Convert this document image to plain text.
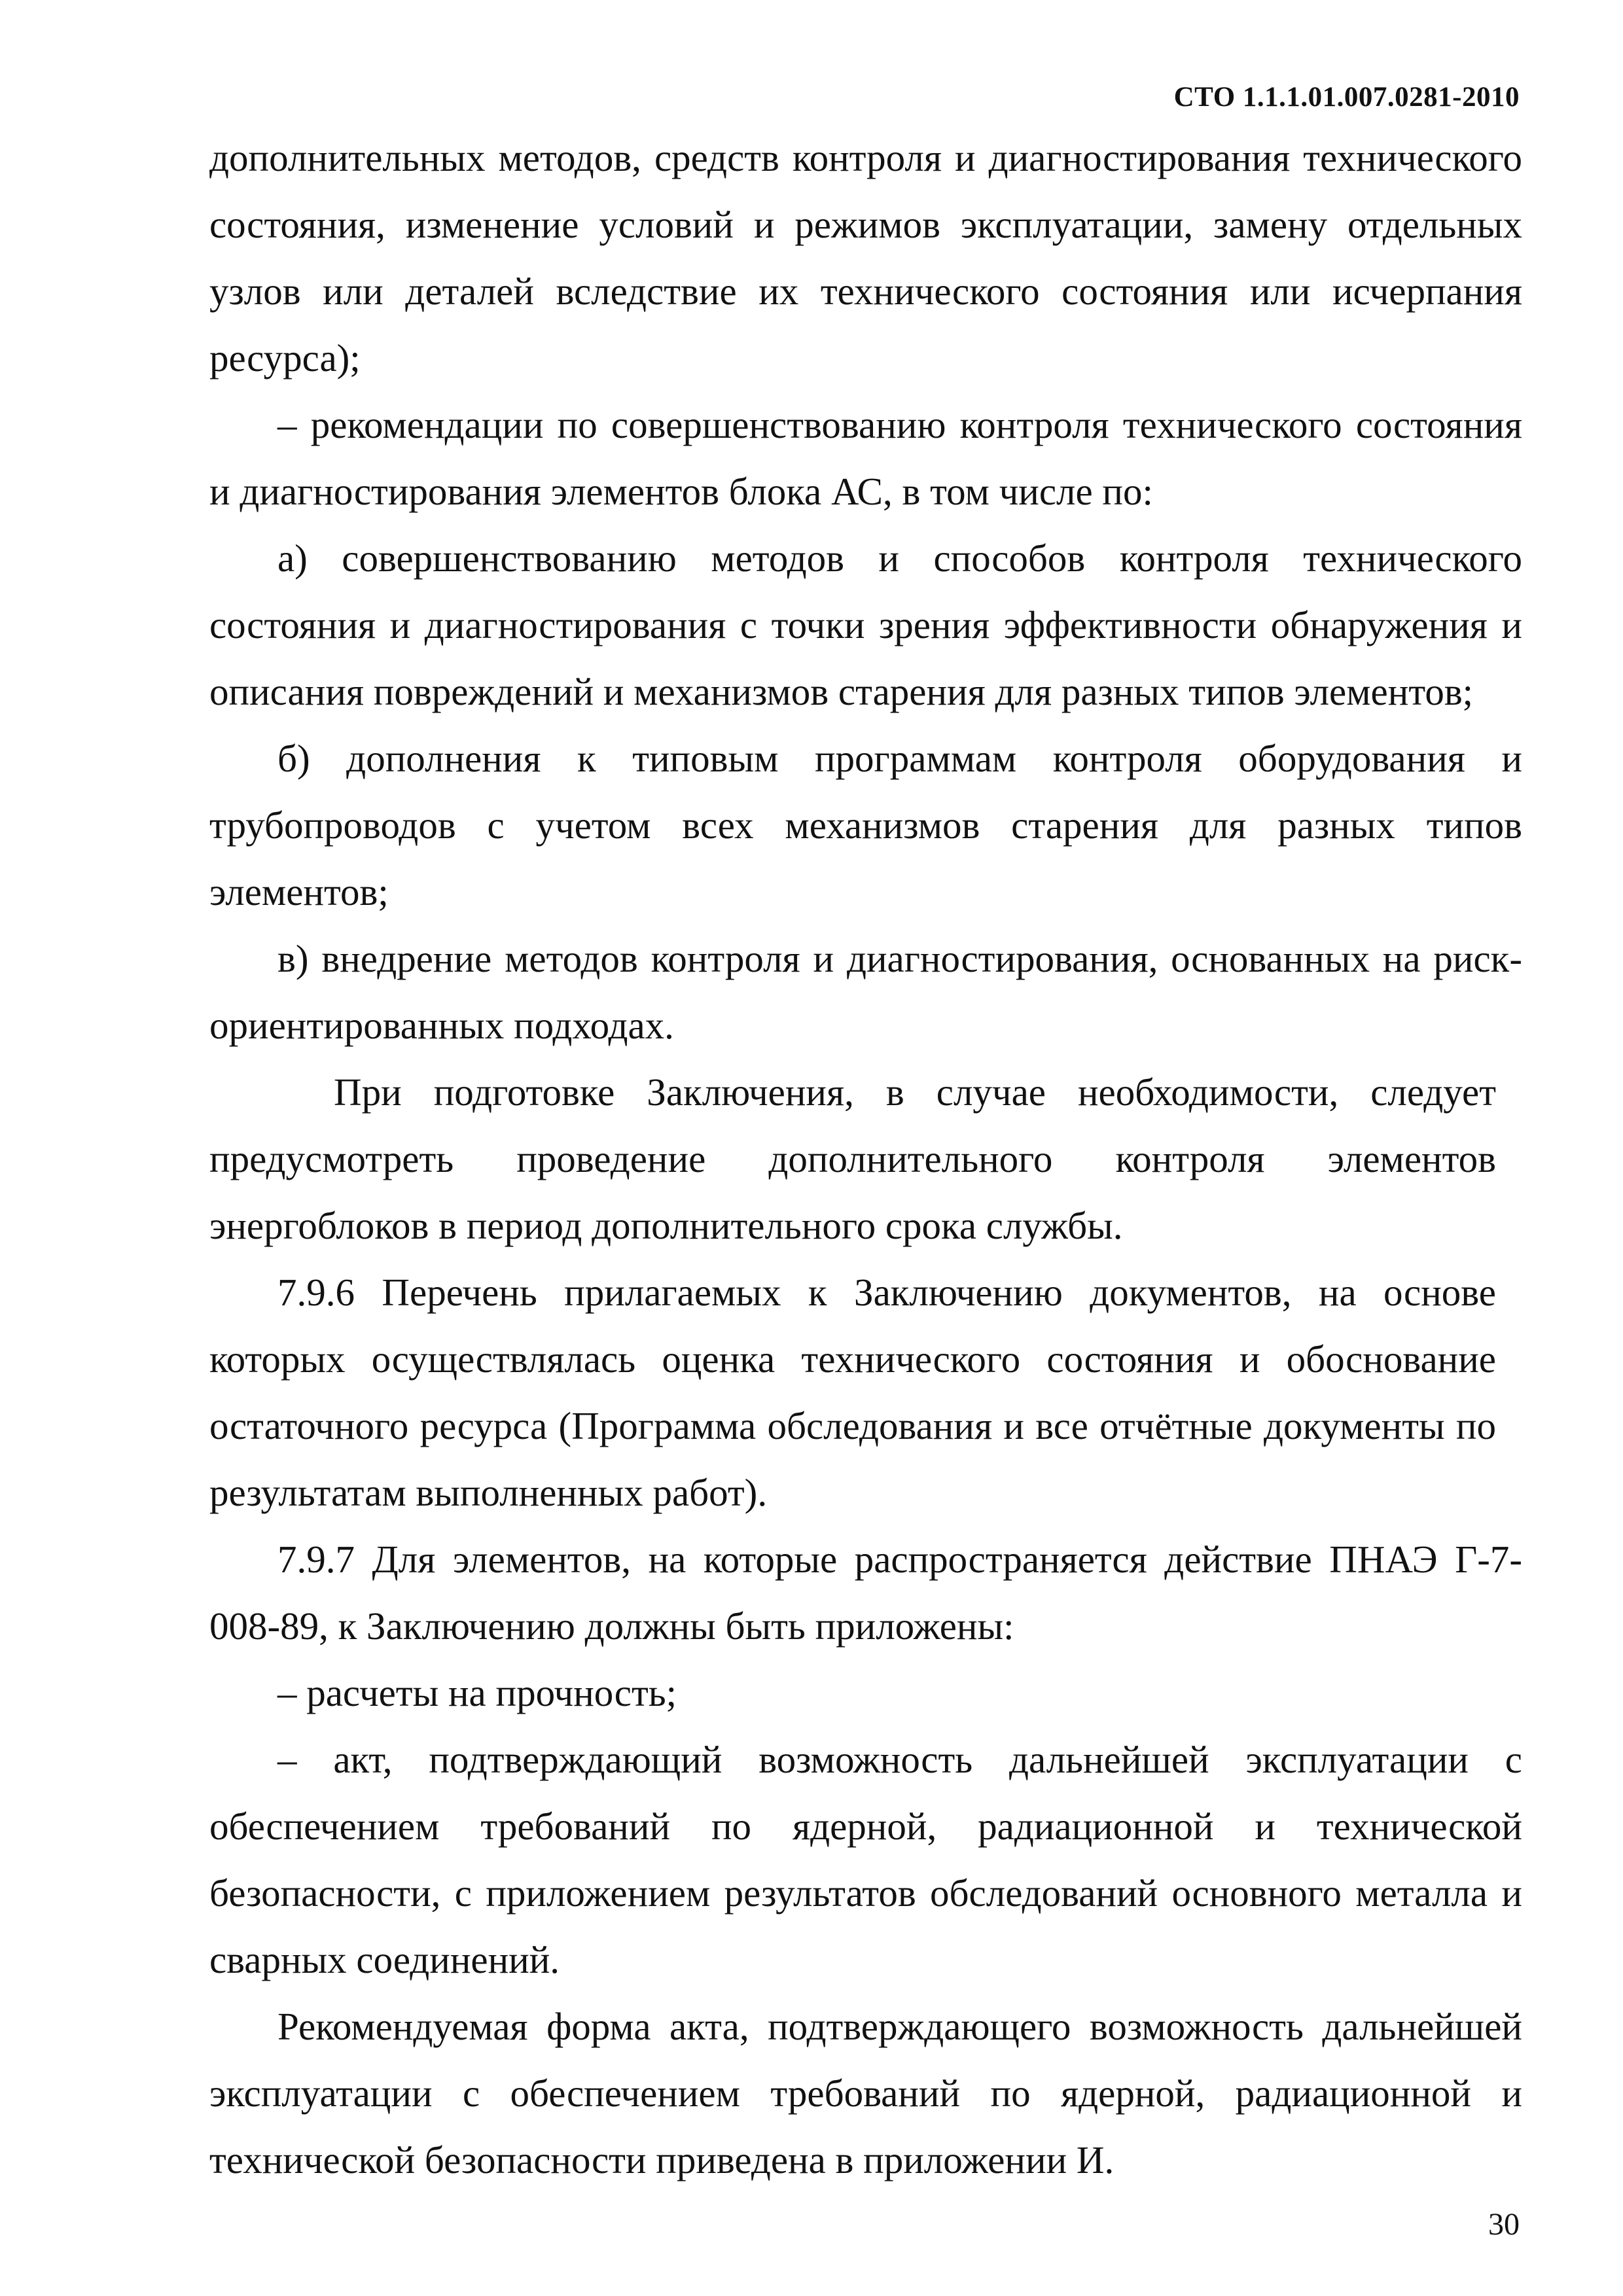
СТО 1.1.1.01.007.0281-2010

дополнительных методов, средств контроля и диагностирования технического состояния, изменение условий и режимов эксплуатации, замену отдельных узлов или деталей вследствие их технического состояния или исчерпания ресурса);

– рекомендации по совершенствованию контроля технического состояния и диагностирования элементов блока АС, в том числе по:

а) совершенствованию методов и способов контроля технического состояния и диагностирования с точки зрения эффективности обнаружения и описания повреждений и механизмов старения для разных типов элементов;

б) дополнения к типовым программам контроля оборудования и трубопроводов с учетом всех механизмов старения для разных типов элементов;

в) внедрение методов контроля и диагностирования, основанных на риск-ориентированных подходах.

При подготовке Заключения, в случае необходимости, следует предусмотреть проведение дополнительного контроля элементов энергоблоков в период дополнительного срока службы.

7.9.6 Перечень прилагаемых к Заключению документов, на основе которых осуществлялась оценка технического состояния и обоснование остаточного ресурса (Программа обследования и все отчётные документы по результатам выполненных работ).

7.9.7 Для элементов, на которые распространяется действие ПНАЭ Г-7-008-89, к Заключению должны быть приложены:

– расчеты на прочность;

– акт, подтверждающий возможность дальнейшей эксплуатации с обеспечением требований по ядерной, радиационной и технической безопасности, с приложением результатов обследований основного металла и сварных соединений.

Рекомендуемая форма акта, подтверждающего возможность дальнейшей эксплуатации с обеспечением требований по ядерной, радиационной и технической безопасности приведена в приложении И.

30
